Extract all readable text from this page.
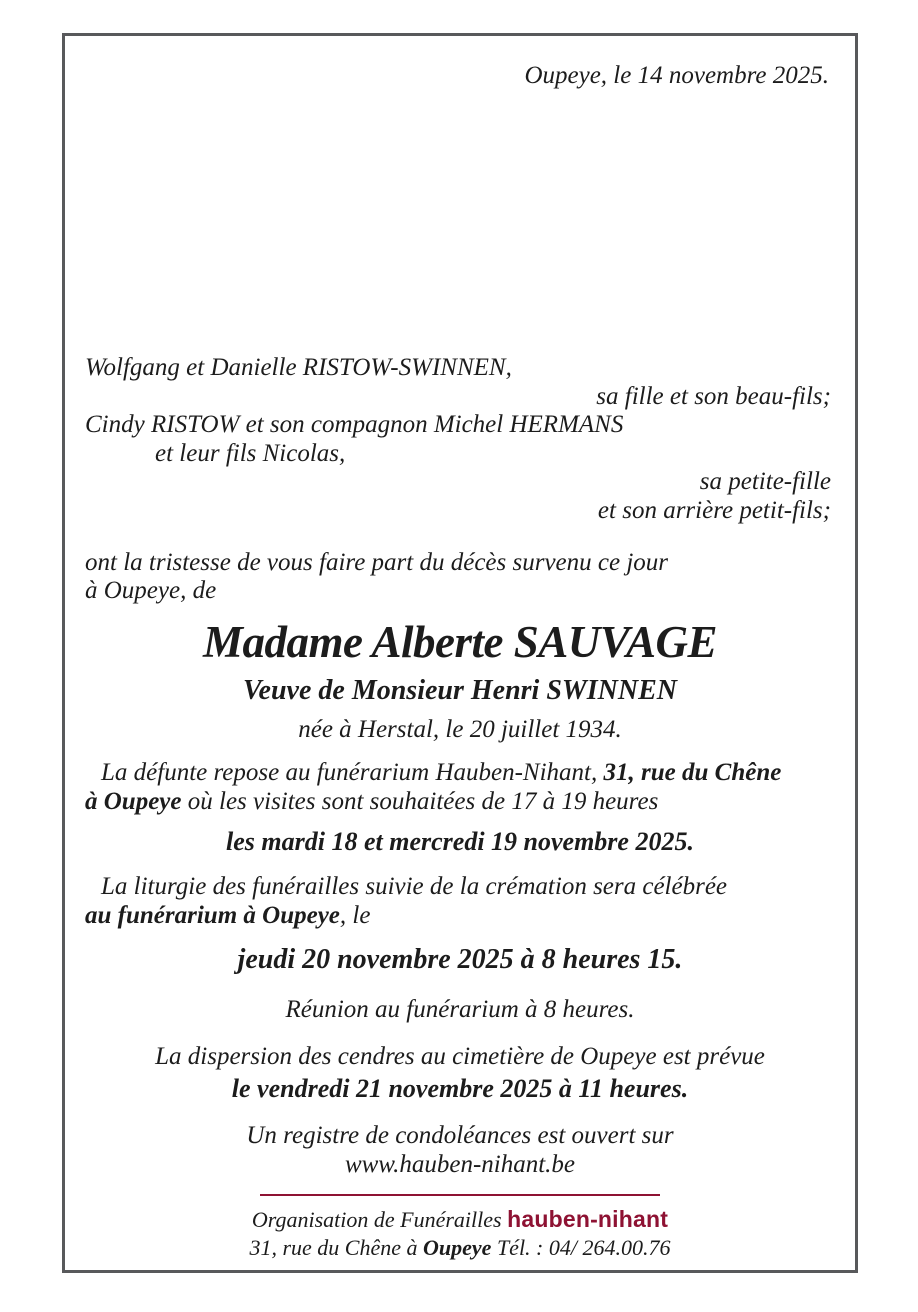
Oupeye, le 14 novembre 2025.
Wolfgang et Danielle RISTOW-SWINNEN,
sa fille et son beau-fils;
Cindy RISTOW et son compagnon Michel HERMANS
et leur fils Nicolas,
sa petite-fille
et son arrière petit-fils;
ont la tristesse de vous faire part du décès survenu ce jour
à Oupeye, de
Madame Alberte SAUVAGE
Veuve de Monsieur Henri SWINNEN
née à Herstal, le 20 juillet 1934.
La défunte repose au funérarium Hauben-Nihant, 31, rue du Chêne
à Oupeye où les visites sont souhaitées de 17 à 19 heures
les mardi 18 et mercredi 19 novembre 2025.
La liturgie des funérailles suivie de la crémation sera célébrée
au funérarium à Oupeye, le
jeudi 20 novembre 2025 à 8 heures 15.
Réunion au funérarium à 8 heures.
La dispersion des cendres au cimetière de Oupeye est prévue
le vendredi 21 novembre 2025 à 11 heures.
Un registre de condoléances est ouvert sur
www.hauben-nihant.be
Organisation de Funérailles hauben-nihant
31, rue du Chêne à Oupeye Tél. : 04/ 264.00.76
